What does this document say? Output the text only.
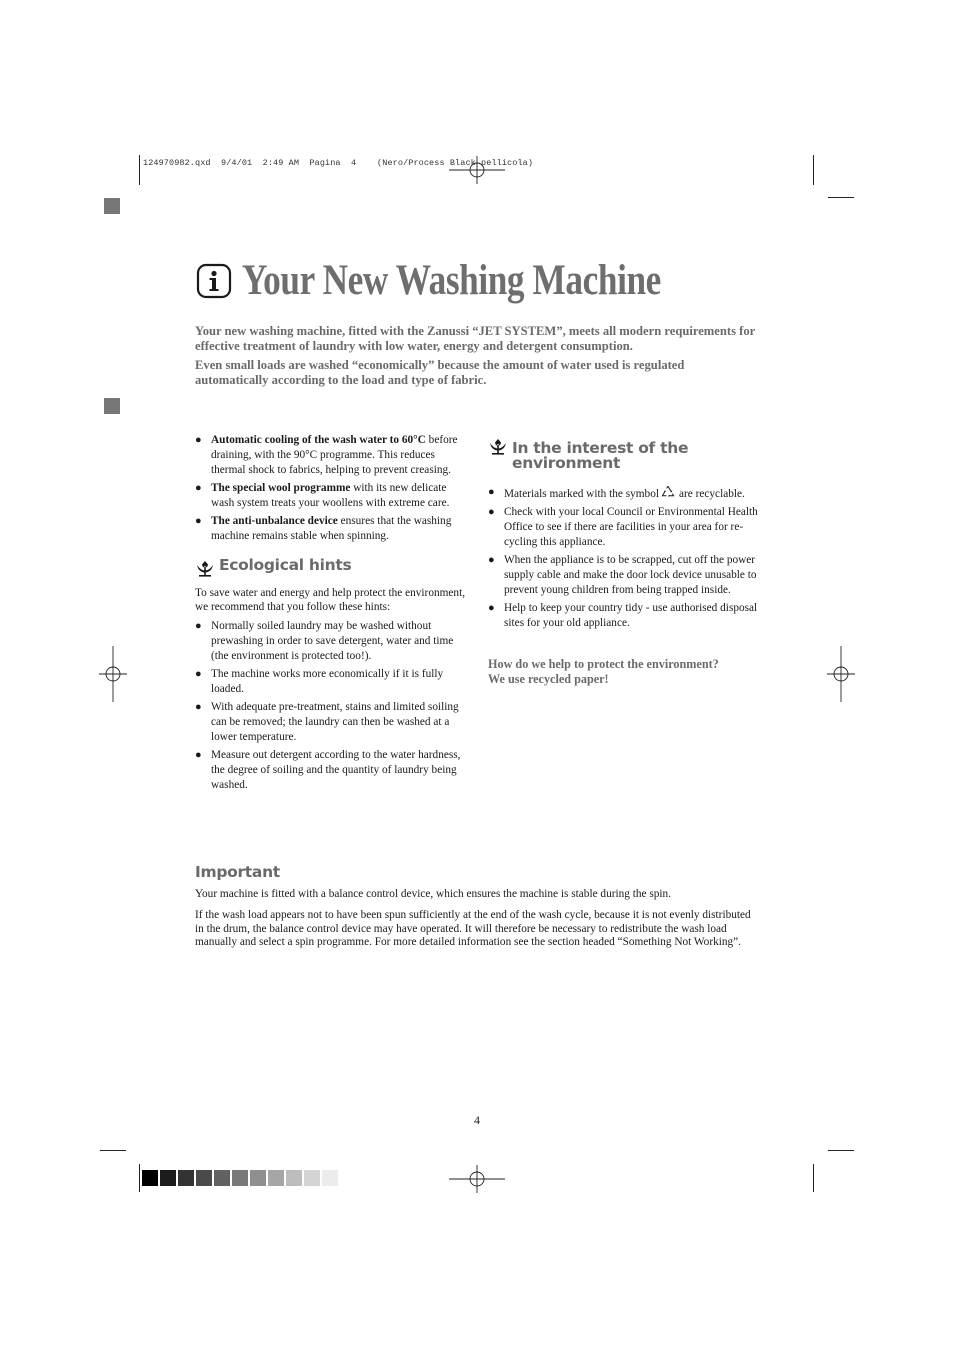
124970982.qxd  9/4/01  2:49 AM  Pagina  4    (Nero/Process Black pellicola)
Your New Washing Machine

Your new washing machine, fitted with the Zanussi “JET SYSTEM”, meets all modern requirements for effective treatment of laundry with low water, energy and detergent consumption.

Even small loads are washed “economically” because the amount of water used is regulated automatically according to the load and type of fabric.

● Automatic cooling of the wash water to 60°C before draining, with the 90°C programme. This reduces thermal shock to fabrics, helping to prevent creasing.
● The special wool programme with its new delicate wash system treats your woollens with extreme care.
● The anti-unbalance device ensures that the washing machine remains stable when spinning.
Ecological hints

To save water and energy and help protect the environment, we recommend that you follow these hints:

● Normally soiled laundry may be washed without prewashing in order to save detergent, water and time (the environment is protected too!).
● The machine works more economically if it is fully loaded.
● With adequate pre-treatment, stains and limited soiling can be removed; the laundry can then be washed at a lower temperature.
● Measure out detergent according to the water hardness, the degree of soiling and the quantity of laundry being washed.
In the interest of the
environment
● Materials marked with the symbol are recyclable.
● Check with your local Council or Environmental Health Office to see if there are facilities in your area for re-cycling this appliance.
● When the appliance is to be scrapped, cut off the power supply cable and make the door lock device unusable to prevent young children from being trapped inside.
● Help to keep your country tidy - use authorised disposal sites for your old appliance.
How do we help to protect the environment?
We use recycled paper!
Important

Your machine is fitted with a balance control device, which ensures the machine is stable during the spin.

If the wash load appears not to have been spun sufficiently at the end of the wash cycle, because it is not evenly distributed in the drum, the balance control device may have operated. It will therefore be necessary to redistribute the wash load manually and select a spin programme. For more detailed information see the section headed “Something Not Working”.

4
